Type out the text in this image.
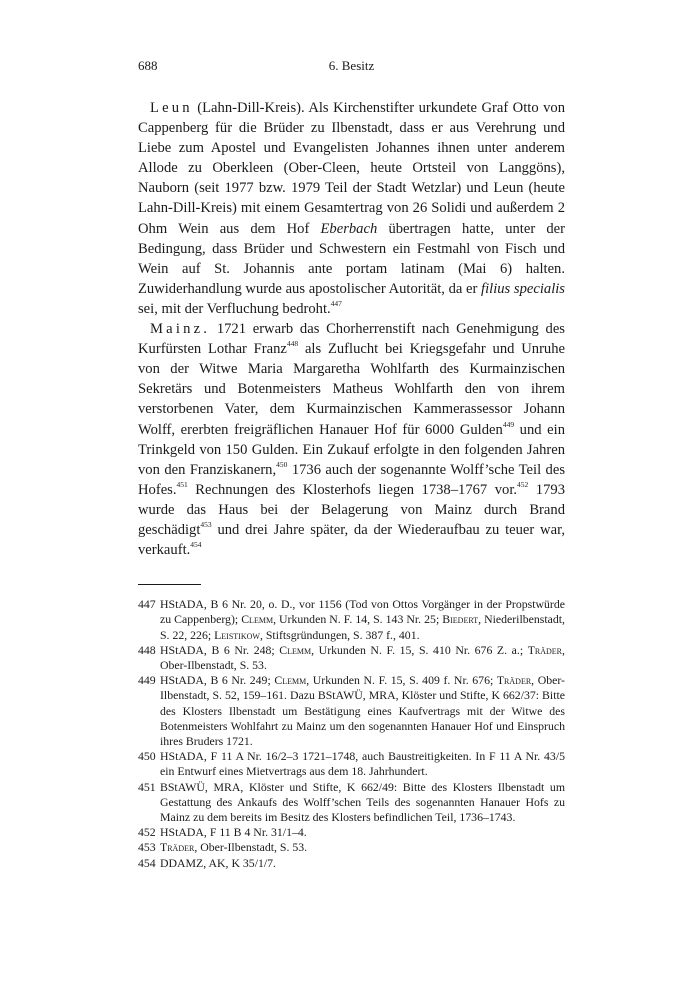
688	6. Besitz

Leun (Lahn-Dill-Kreis). Als Kirchenstifter urkundete Graf Otto von Cappenberg für die Brüder zu Ilbenstadt, dass er aus Verehrung und Liebe zum Apostel und Evangelisten Johannes ihnen unter anderem Allode zu Oberkleen (Ober-Cleen, heute Ortsteil von Langgöns), Nauborn (seit 1977 bzw. 1979 Teil der Stadt Wetzlar) und Leun (heute Lahn-Dill-Kreis) mit einem Gesamtertrag von 26 Solidi und außerdem 2 Ohm Wein aus dem Hof Eberbach übertragen hatte, unter der Bedingung, dass Brüder und Schwestern ein Festmahl von Fisch und Wein auf St. Johannis ante portam latinam (Mai 6) halten. Zuwiderhandlung wurde aus apostolischer Autorität, da er filius specialis sei, mit der Verfluchung bedroht.$^{447}$

Mainz. 1721 erwarb das Chorherrenstift nach Genehmigung des Kurfürsten Lothar Franz$^{448}$ als Zuflucht bei Kriegsgefahr und Unruhe von der Witwe Maria Margaretha Wohlfarth des Kurmainzischen Sekretärs und Botenmeisters Matheus Wohlfarth den von ihrem verstorbenen Vater, dem Kurmainzischen Kammerassessor Johann Wolff, ererbten freigräflichen Hanauer Hof für 6000 Gulden$^{449}$ und ein Trinkgeld von 150 Gulden. Ein Zukauf erfolgte in den folgenden Jahren von den Franziskanern,$^{450}$ 1736 auch der sogenannte Wolff’sche Teil des Hofes.$^{451}$ Rechnungen des Klosterhofs liegen 1738–1767 vor.$^{452}$ 1793 wurde das Haus bei der Belagerung von Mainz durch Brand geschädigt$^{453}$ und drei Jahre später, da der Wiederaufbau zu teuer war, verkauft.$^{454}$

447 HStADA, B 6 Nr. 20, o. D., vor 1156 (Tod von Ottos Vorgänger in der Propstwürde zu Cappenberg); Clemm, Urkunden N. F. 14, S. 143 Nr. 25; Biedert, Niederilbenstadt, S. 22, 226; Leistikow, Stiftsgründungen, S. 387 f., 401.
448 HStADA, B 6 Nr. 248; Clemm, Urkunden N. F. 15, S. 410 Nr. 676 Z. a.; Träder, Ober-Ilbenstadt, S. 53.
449 HStADA, B 6 Nr. 249; Clemm, Urkunden N. F. 15, S. 409 f. Nr. 676; Träder, Ober-Ilbenstadt, S. 52, 159–161. Dazu BStAWÜ, MRA, Klöster und Stifte, K 662/37: Bitte des Klosters Ilbenstadt um Bestätigung eines Kaufvertrags mit der Witwe des Botenmeisters Wohlfahrt zu Mainz um den sogenannten Hanauer Hof und Einspruch ihres Bruders 1721.
450 HStADA, F 11 A Nr. 16/2–3 1721–1748, auch Baustreitigkeiten. In F 11 A Nr. 43/5 ein Entwurf eines Mietvertrags aus dem 18. Jahrhundert.
451 BStAWÜ, MRA, Klöster und Stifte, K 662/49: Bitte des Klosters Ilbenstadt um Gestattung des Ankaufs des Wolff’schen Teils des sogenannten Hanauer Hofs zu Mainz zu dem bereits im Besitz des Klosters befindlichen Teil, 1736–1743.
452 HStADA, F 11 B 4 Nr. 31/1–4.
453 Träder, Ober-Ilbenstadt, S. 53.
454 DDAMZ, AK, K 35/1/7.
